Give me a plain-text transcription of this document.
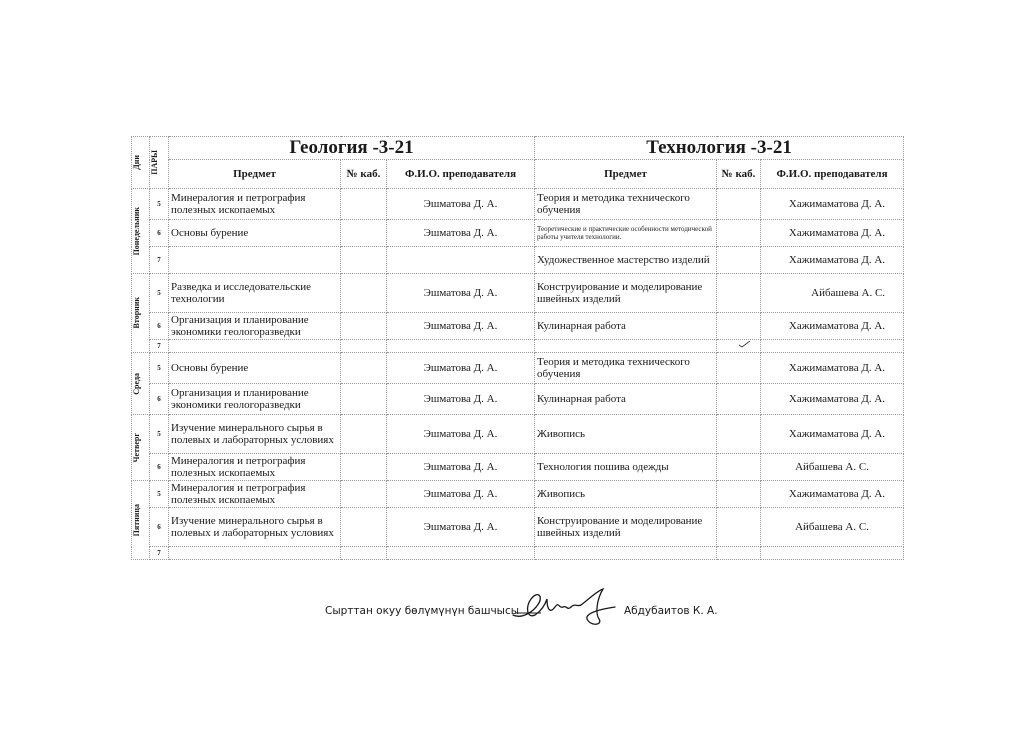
Дни	ПАРЫ	Геология -3-21			Технология -3-21		
		Предмет	№ каб.	Ф.И.О. преподавателя	Предмет	№ каб.	Ф.И.О. преподавателя

Понедельник	5	Минералогия и петрография полезных ископаемых		Эшматова Д. А.	Теория и методика технического обучения		Хажимаматова Д. А.
	6	Основы бурение		Эшматова Д. А.	Теоретические и практические особенности методической работы учителя технологии.		Хажимаматова Д. А.
	7				Художественное мастерство изделий		Хажимаматова Д. А.

Вторник	5	Разведка и исследовательские технологии		Эшматова Д. А.	Конструирование и моделирование швейных изделий		Айбашева А. С.
	6	Организация и планирование экономики геологоразведки		Эшматова Д. А.	Кулинарная работа		Хажимаматова Д. А.
	7						

Среда	5	Основы бурение		Эшматова Д. А.	Теория и методика технического обучения		Хажимаматова Д. А.
	6	Организация и планирование экономики геологоразведки		Эшматова Д. А.	Кулинарная работа		Хажимаматова Д. А.

Четверг	5	Изучение минерального сырья в полевых и лабораторных условиях		Эшматова Д. А.	Живопись		Хажимаматова Д. А.
	6	Минералогия и петрография полезных ископаемых		Эшматова Д. А.	Технология пошива одежды		Айбашева А. С.

Пятница	5	Минералогия и петрография полезных ископаемых		Эшматова Д. А.	Живопись		Хажимаматова Д. А.
	6	Изучение минерального сырья в полевых и лабораторных условиях		Эшматова Д. А.	Конструирование и моделирование швейных изделий		Айбашева А. С.
	7						
Сырттан окуу бөлүмүнүн башчысы	Абдубаитов К. А.
